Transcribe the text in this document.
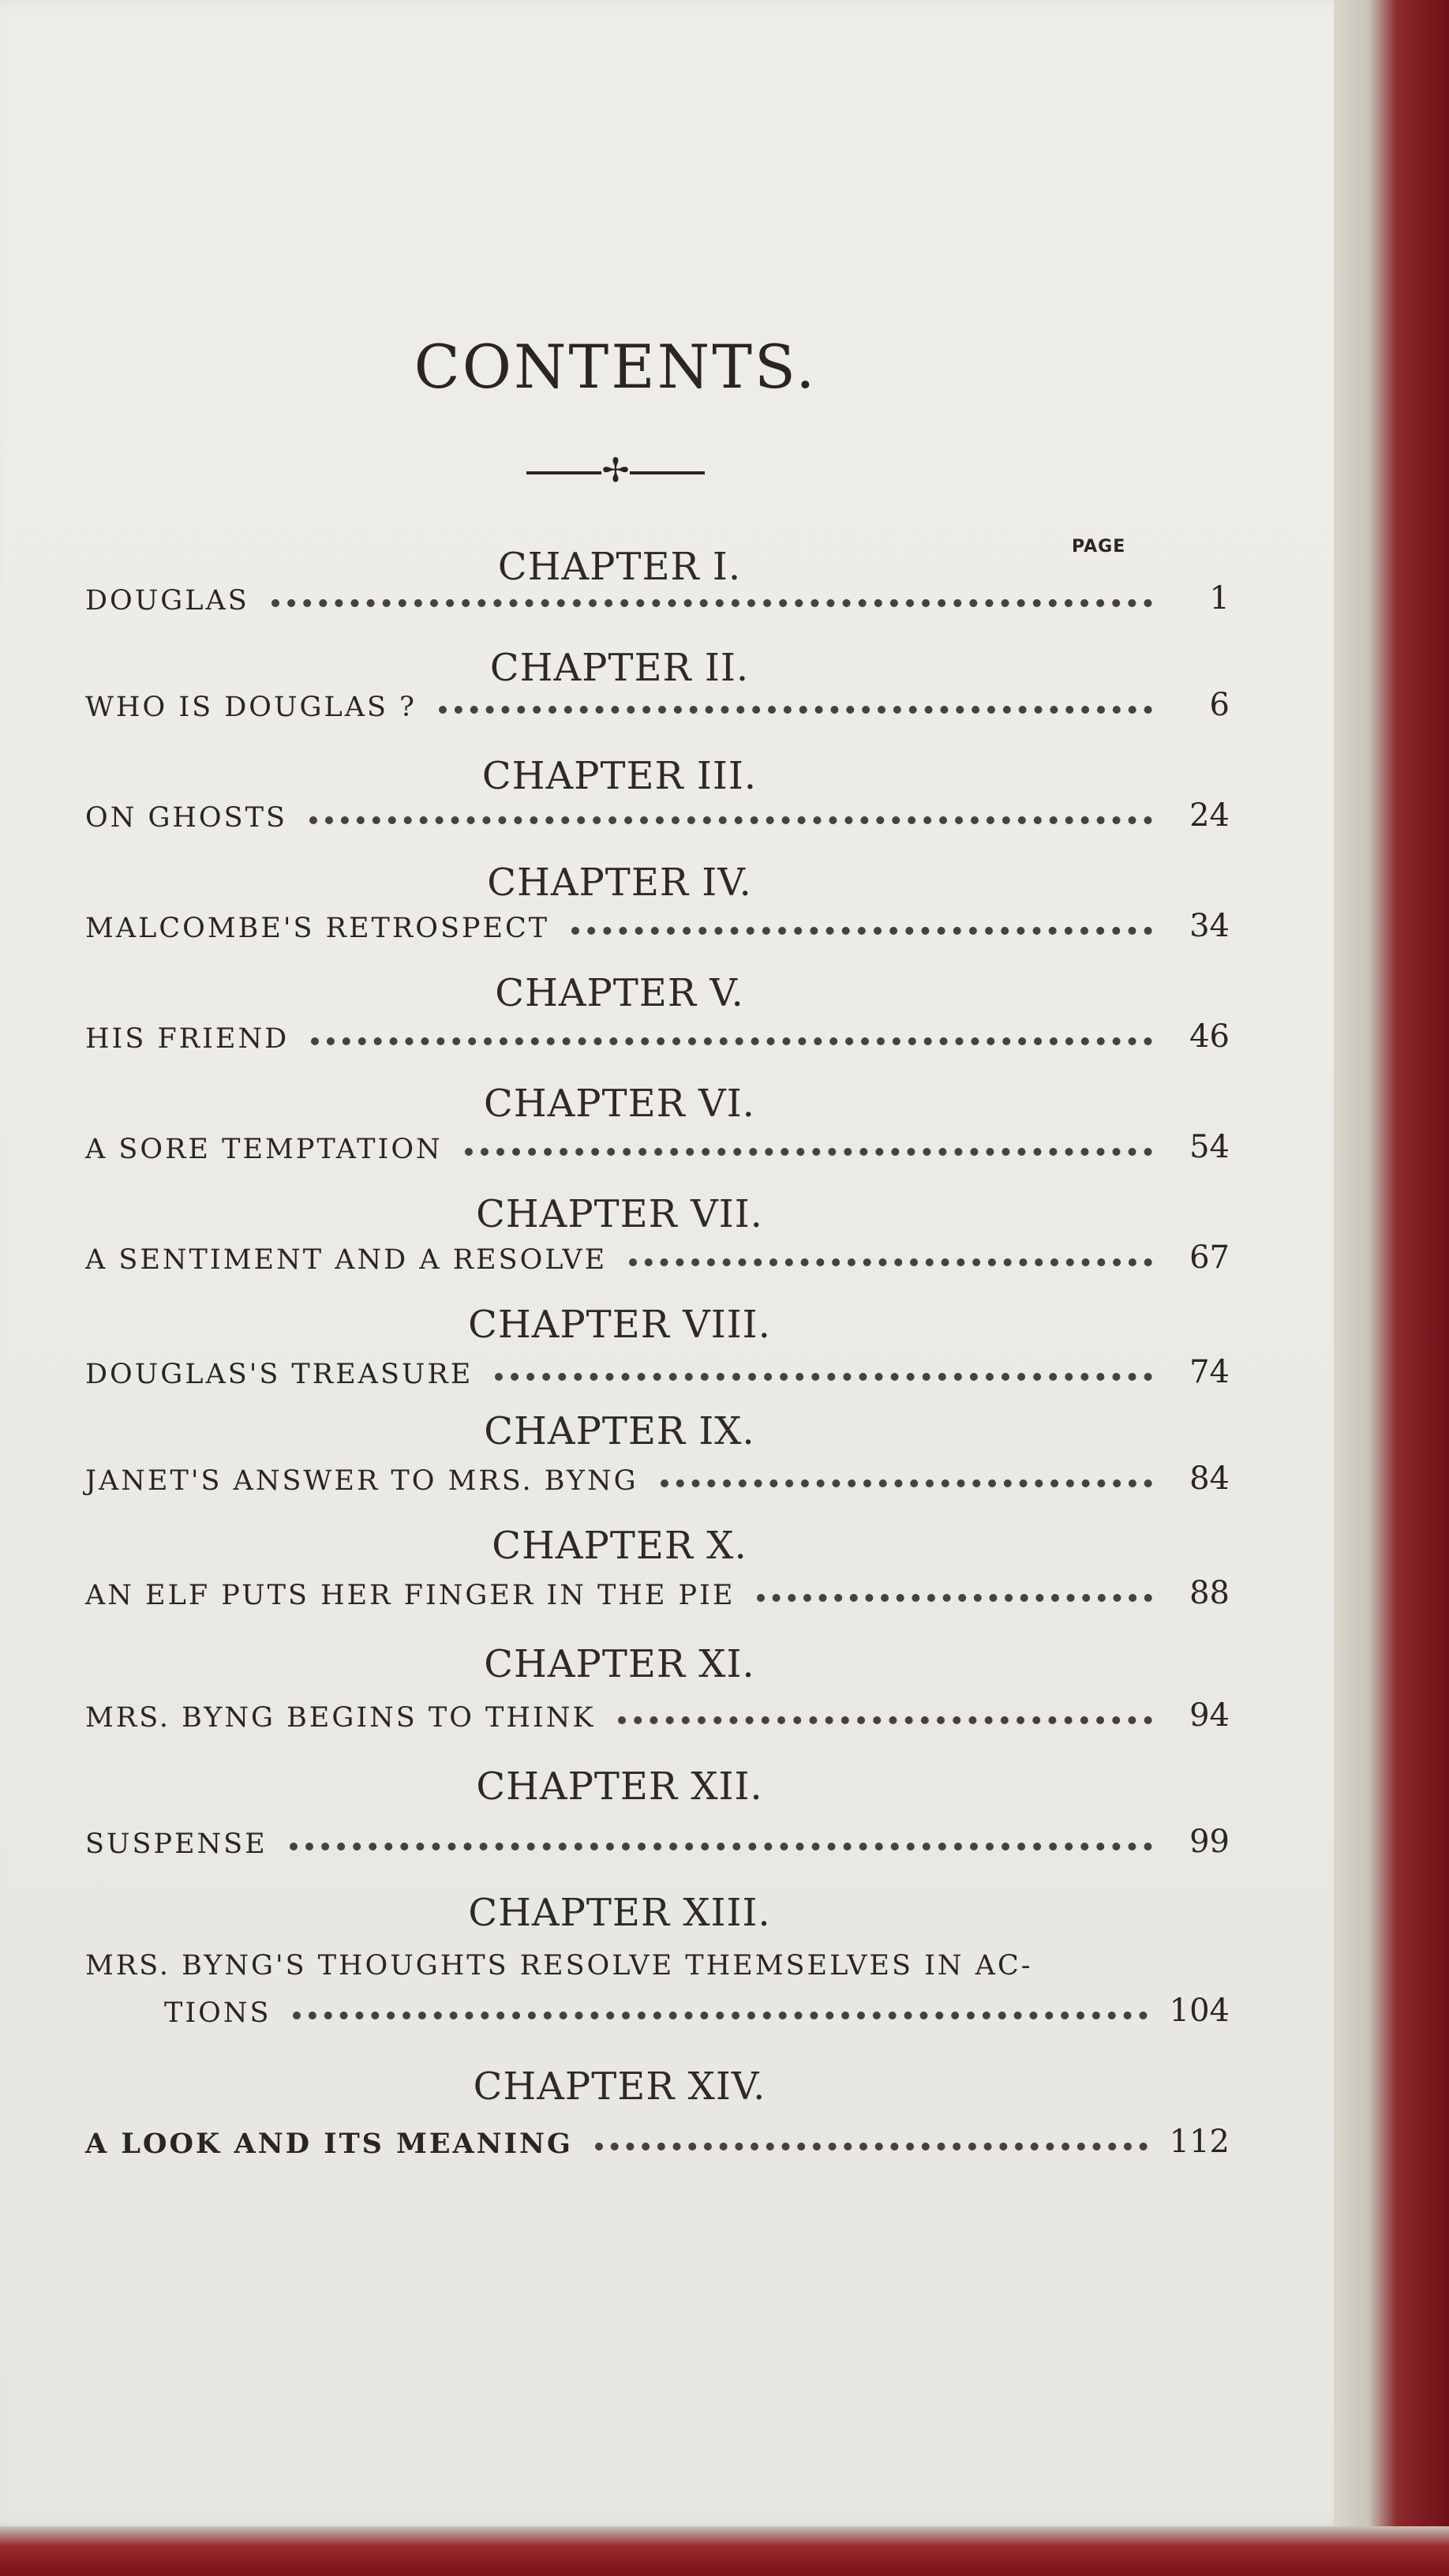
CONTENTS.
✢
PAGE
CHAPTER I.
DOUGLAS	1
CHAPTER II.
WHO IS DOUGLAS ?	6
CHAPTER III.
ON GHOSTS	24
CHAPTER IV.
MALCOMBE'S RETROSPECT	34
CHAPTER V.
HIS FRIEND	46
CHAPTER VI.
A SORE TEMPTATION	54
CHAPTER VII.
A SENTIMENT AND A RESOLVE	67
CHAPTER VIII.
DOUGLAS'S TREASURE	74
CHAPTER IX.
JANET'S ANSWER TO MRS. BYNG	84
CHAPTER X.
AN ELF PUTS HER FINGER IN THE PIE	88
CHAPTER XI.
MRS. BYNG BEGINS TO THINK	94
CHAPTER XII.
SUSPENSE	99
CHAPTER XIII.
MRS. BYNG'S THOUGHTS RESOLVE THEMSELVES IN AC-
TIONS	104
CHAPTER XIV.
A LOOK AND ITS MEANING	112
